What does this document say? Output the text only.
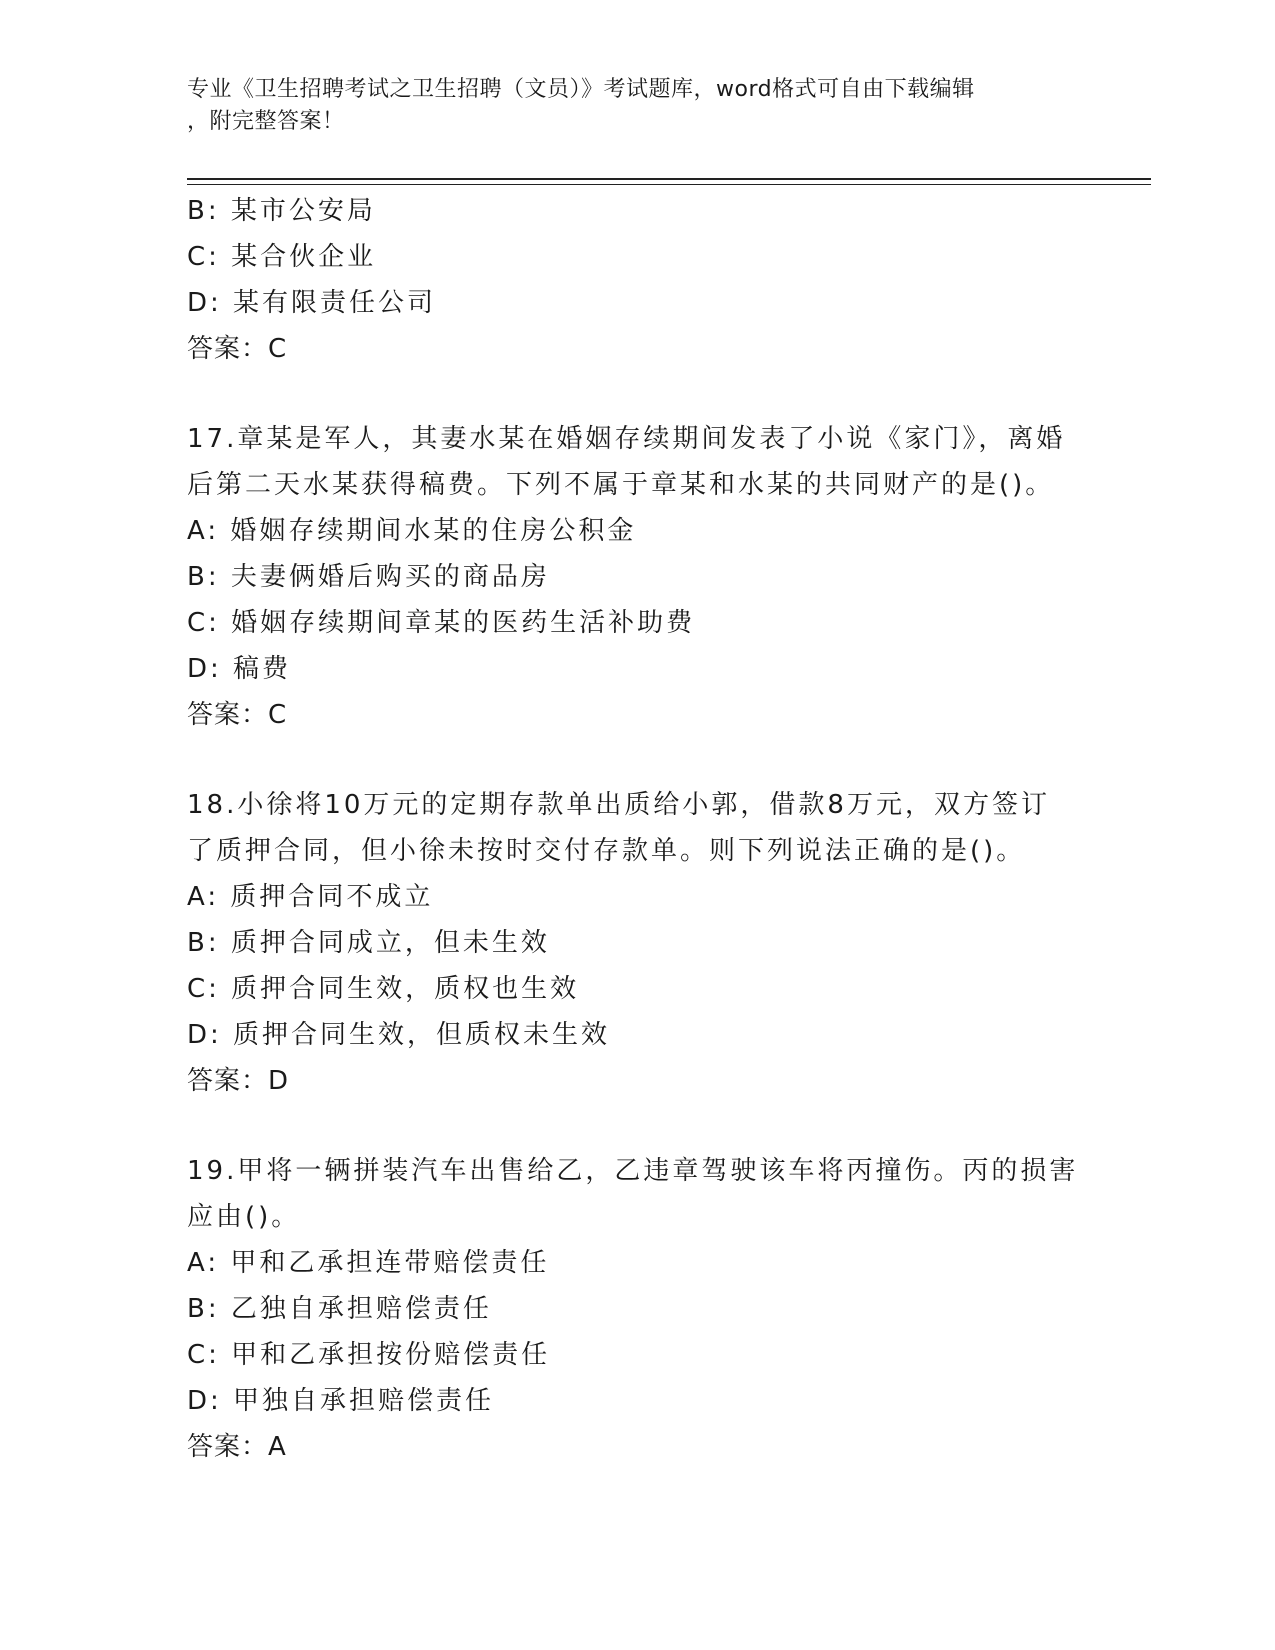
专业《卫生招聘考试之卫生招聘（文员）》考试题库，word格式可自由下载编辑
，附完整答案！
B: 某市公安局
C: 某合伙企业
D: 某有限责任公司
答案：C
17.章某是军人，其妻水某在婚姻存续期间发表了小说《家门》，离婚
后第二天水某获得稿费。下列不属于章某和水某的共同财产的是()。
A: 婚姻存续期间水某的住房公积金
B: 夫妻俩婚后购买的商品房
C: 婚姻存续期间章某的医药生活补助费
D: 稿费
答案：C
18.小徐将10万元的定期存款单出质给小郭，借款8万元，双方签订
了质押合同，但小徐未按时交付存款单。则下列说法正确的是()。
A: 质押合同不成立
B: 质押合同成立，但未生效
C: 质押合同生效，质权也生效
D: 质押合同生效，但质权未生效
答案：D
19.甲将一辆拼装汽车出售给乙，乙违章驾驶该车将丙撞伤。丙的损害
应由()。
A: 甲和乙承担连带赔偿责任
B: 乙独自承担赔偿责任
C: 甲和乙承担按份赔偿责任
D: 甲独自承担赔偿责任
答案：A
